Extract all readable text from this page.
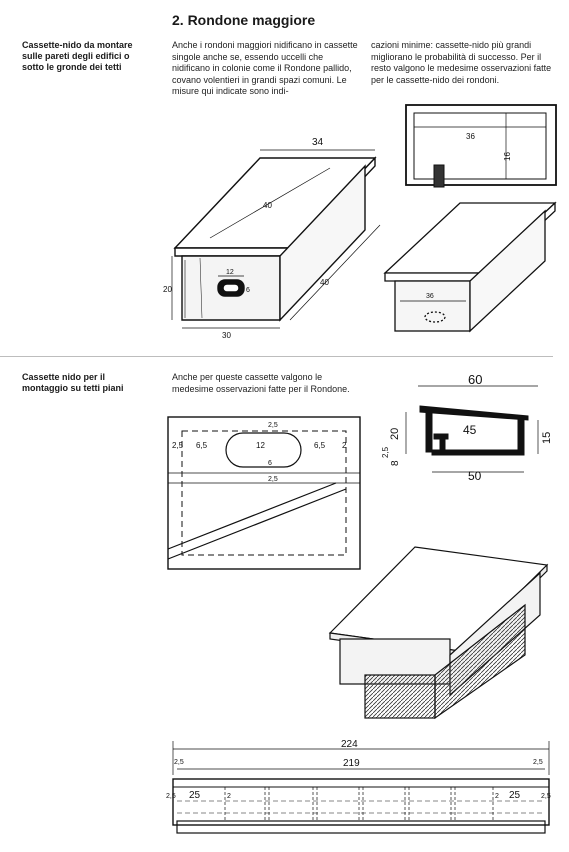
2. Rondone maggiore
Cassette-nido da montare sulle pareti degli edifici o sotto le gronde dei tetti
Anche i rondoni maggiori nidificano in cassette singole anche se, essendo uccelli che nidificano in colonie come il Rondone pallido, covano volentieri in grandi spazi comuni. Le misure qui indicate sono indi-
cazioni minime: cassette-nido più grandi migliorano le probabilità di successo. Per il resto valgono le medesime osservazioni fatte per le cassette-nido dei rondoni.
34
40
40
20
30
12
6
36
16
36
Cassette nido per il montaggio su tetti piani
Anche per queste cassette valgono le medesime osservazioni fatte per il Rondone.
2,5 6,5	12	6,5 2
2,5
6
2,5
60
45
50
20	15
2,5
8
224
219
2,5	2,5
2,5 25	2	2 25	2,5
